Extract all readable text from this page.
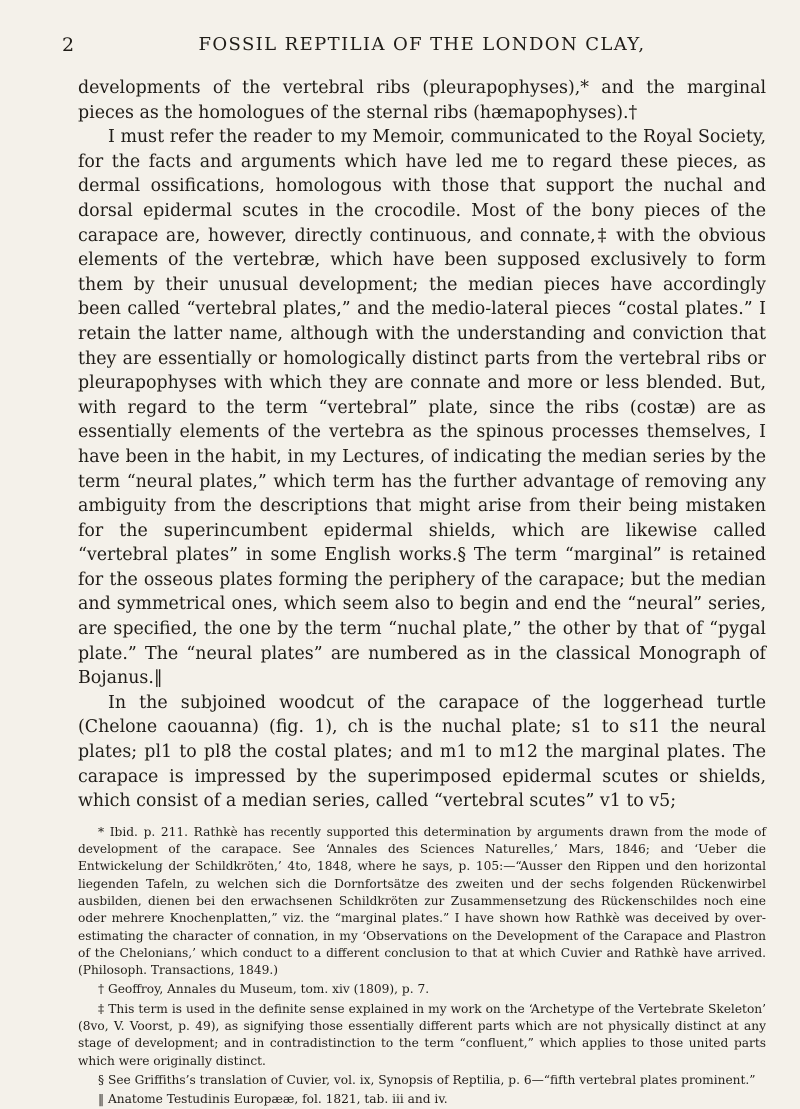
2	FOSSIL REPTILIA OF THE LONDON CLAY,

developments of the vertebral ribs (pleurapophyses),* and the marginal pieces as the homologues of the sternal ribs (hæmapophyses).†

I must refer the reader to my Memoir, communicated to the Royal Society, for the facts and arguments which have led me to regard these pieces, as dermal ossifications, homologous with those that support the nuchal and dorsal epidermal scutes in the crocodile. Most of the bony pieces of the carapace are, however, directly continuous, and connate,‡ with the obvious elements of the vertebræ, which have been supposed exclusively to form them by their unusual development; the median pieces have accordingly been called “vertebral plates,” and the medio-lateral pieces “costal plates.” I retain the latter name, although with the understanding and conviction that they are essentially or homologically distinct parts from the vertebral ribs or pleurapophyses with which they are connate and more or less blended. But, with regard to the term “vertebral” plate, since the ribs (costæ) are as essentially elements of the vertebra as the spinous processes themselves, I have been in the habit, in my Lectures, of indicating the median series by the term “neural plates,” which term has the further advantage of removing any ambiguity from the descriptions that might arise from their being mistaken for the superincumbent epidermal shields, which are likewise called “vertebral plates” in some English works.§ The term “marginal” is retained for the osseous plates forming the periphery of the carapace; but the median and symmetrical ones, which seem also to begin and end the “neural” series, are specified, the one by the term “nuchal plate,” the other by that of “pygal plate.” The “neural plates” are numbered as in the classical Monograph of Bojanus.‖

In the subjoined woodcut of the carapace of the loggerhead turtle (Chelone caouanna) (fig. 1), ch is the nuchal plate; s1 to s11 the neural plates; pl1 to pl8 the costal plates; and m1 to m12 the marginal plates. The carapace is impressed by the superimposed epidermal scutes or shields, which consist of a median series, called “vertebral scutes” v1 to v5;

* Ibid. p. 211. Rathkè has recently supported this determination by arguments drawn from the mode of development of the carapace. See ‘Annales des Sciences Naturelles,’ Mars, 1846; and ‘Ueber die Entwickelung der Schildkröten,’ 4to, 1848, where he says, p. 105:—“Ausser den Rippen und den horizontal liegenden Tafeln, zu welchen sich die Dornfortsätze des zweiten und der sechs folgenden Rückenwirbel ausbilden, dienen bei den erwachsenen Schildkröten zur Zusammensetzung des Rückenschildes noch eine oder mehrere Knochenplatten,” viz. the “marginal plates.” I have shown how Rathkè was deceived by over-estimating the character of connation, in my ‘Observations on the Development of the Carapace and Plastron of the Chelonians,’ which conduct to a different conclusion to that at which Cuvier and Rathkè have arrived. (Philosoph. Transactions, 1849.)

† Geoffroy, Annales du Museum, tom. xiv (1809), p. 7.

‡ This term is used in the definite sense explained in my work on the ‘Archetype of the Vertebrate Skeleton’ (8vo, V. Voorst, p. 49), as signifying those essentially different parts which are not physically distinct at any stage of development; and in contradistinction to the term “confluent,” which applies to those united parts which were originally distinct.

§ See Griffiths’s translation of Cuvier, vol. ix, Synopsis of Reptilia, p. 6—“fifth vertebral plates prominent.”

‖ Anatome Testudinis Europææ, fol. 1821, tab. iii and iv.
